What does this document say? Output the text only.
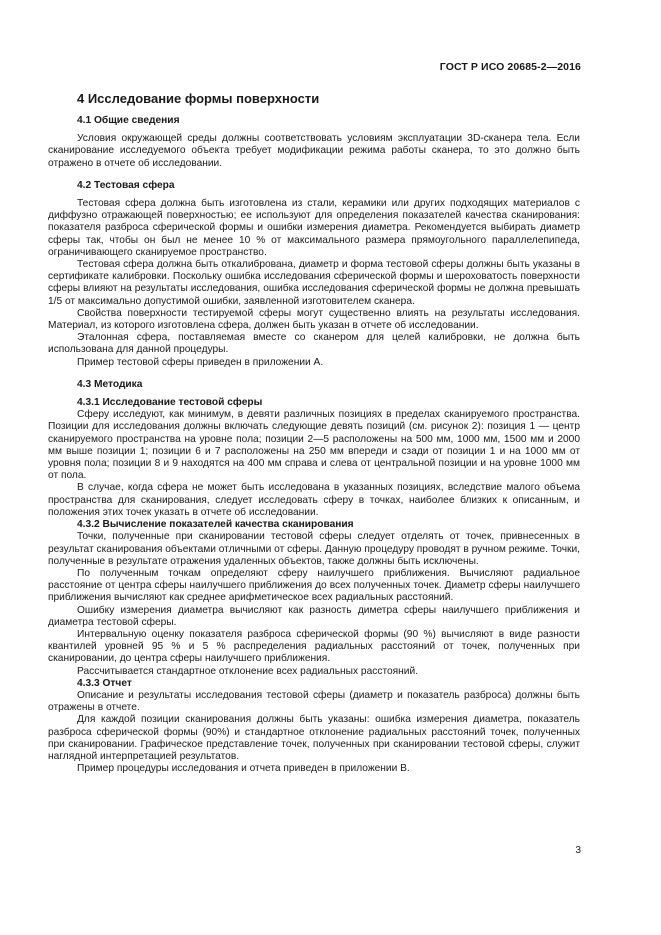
ГОСТ Р ИСО 20685-2—2016
4 Исследование формы поверхности
4.1 Общие сведения

Условия окружающей среды должны соответствовать условиям эксплуатации 3D-сканера тела. Если сканирование исследуемого объекта требует модификации режима работы сканера, то это должно быть отражено в отчете об исследовании.

4.2 Тестовая сфера

Тестовая сфера должна быть изготовлена из стали, керамики или других подходящих материалов с диффузно отражающей поверхностью; ее используют для определения показателей качества сканирования: показателя разброса сферической формы и ошибки измерения диаметра. Рекомендуется выбирать диаметр сферы так, чтобы он был не менее 10 % от максимального размера прямоугольного параллелепипеда, ограничивающего сканируемое пространство.

Тестовая сфера должна быть откалибрована, диаметр и форма тестовой сферы должны быть указаны в сертификате калибровки. Поскольку ошибка исследования сферической формы и шероховатость поверхности сферы влияют на результаты исследования, ошибка исследования сферической формы не должна превышать 1/5 от максимально допустимой ошибки, заявленной изготовителем сканера.

Свойства поверхности тестируемой сферы могут существенно влиять на результаты исследования. Материал, из которого изготовлена сфера, должен быть указан в отчете об исследовании.

Эталонная сфера, поставляемая вместе со сканером для целей калибровки, не должна быть использована для данной процедуры.

Пример тестовой сферы приведен в приложении А.

4.3 Методика
4.3.1 Исследование тестовой сферы

Сферу исследуют, как минимум, в девяти различных позициях в пределах сканируемого пространства. Позиции для исследования должны включать следующие девять позиций (см. рисунок 2): позиция 1 — центр сканируемого пространства на уровне пола; позиции 2—5 расположены на 500 мм, 1000 мм, 1500 мм и 2000 мм выше позиции 1; позиции 6 и 7 расположены на 250 мм впереди и сзади от позиции 1 и на 1000 мм от уровня пола; позиции 8 и 9 находятся на 400 мм справа и слева от центральной позиции и на уровне 1000 мм от пола.

В случае, когда сфера не может быть исследована в указанных позициях, вследствие малого объема пространства для сканирования, следует исследовать сферу в точках, наиболее близких к описанным, и положения этих точек указать в отчете об исследовании.

4.3.2 Вычисление показателей качества сканирования

Точки, полученные при сканировании тестовой сферы следует отделять от точек, привнесенных в результат сканирования объектами отличными от сферы. Данную процедуру проводят в ручном режиме. Точки, полученные в результате отражения удаленных объектов, также должны быть исключены.

По полученным точкам определяют сферу наилучшего приближения. Вычисляют радиальное расстояние от центра сферы наилучшего приближения до всех полученных точек. Диаметр сферы наилучшего приближения вычисляют как среднее арифметическое всех радиальных расстояний.

Ошибку измерения диаметра вычисляют как разность диметра сферы наилучшего приближения и диаметра тестовой сферы.

Интервальную оценку показателя разброса сферической формы (90 %) вычисляют в виде разности квантилей уровней 95 % и 5 % распределения радиальных расстояний от точек, полученных при сканировании, до центра сферы наилучшего приближения.

Рассчитывается стандартное отклонение всех радиальных расстояний.

4.3.3 Отчет

Описание и результаты исследования тестовой сферы (диаметр и показатель разброса) должны быть отражены в отчете.

Для каждой позиции сканирования должны быть указаны: ошибка измерения диаметра, показатель разброса сферической формы (90%) и стандартное отклонение радиальных расстояний точек, полученных при сканировании. Графическое представление точек, полученных при сканировании тестовой сферы, служит наглядной интерпретацией результатов.

Пример процедуры исследования и отчета приведен в приложении В.

3
